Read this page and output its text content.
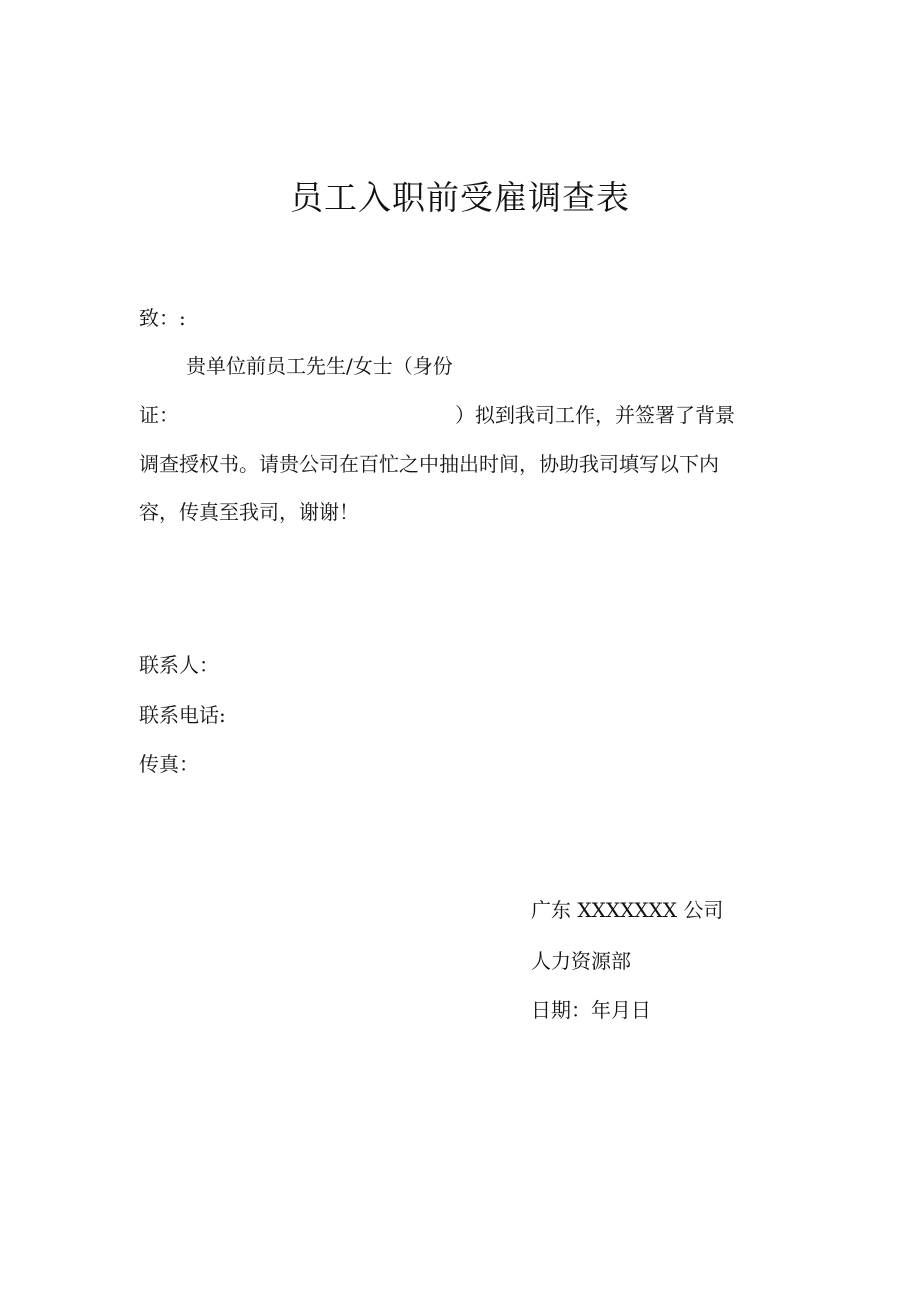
员工入职前受雇调查表
致：:
贵单位前员工先生/女士（身份
证：	）拟到我司工作，并签署了背景
调查授权书。请贵公司在百忙之中抽出时间，协助我司填写以下内
容，传真至我司，谢谢！
联系人：
联系电话:
传真：
广东 XXXXXXX 公司
人力资源部
日期：年月日
